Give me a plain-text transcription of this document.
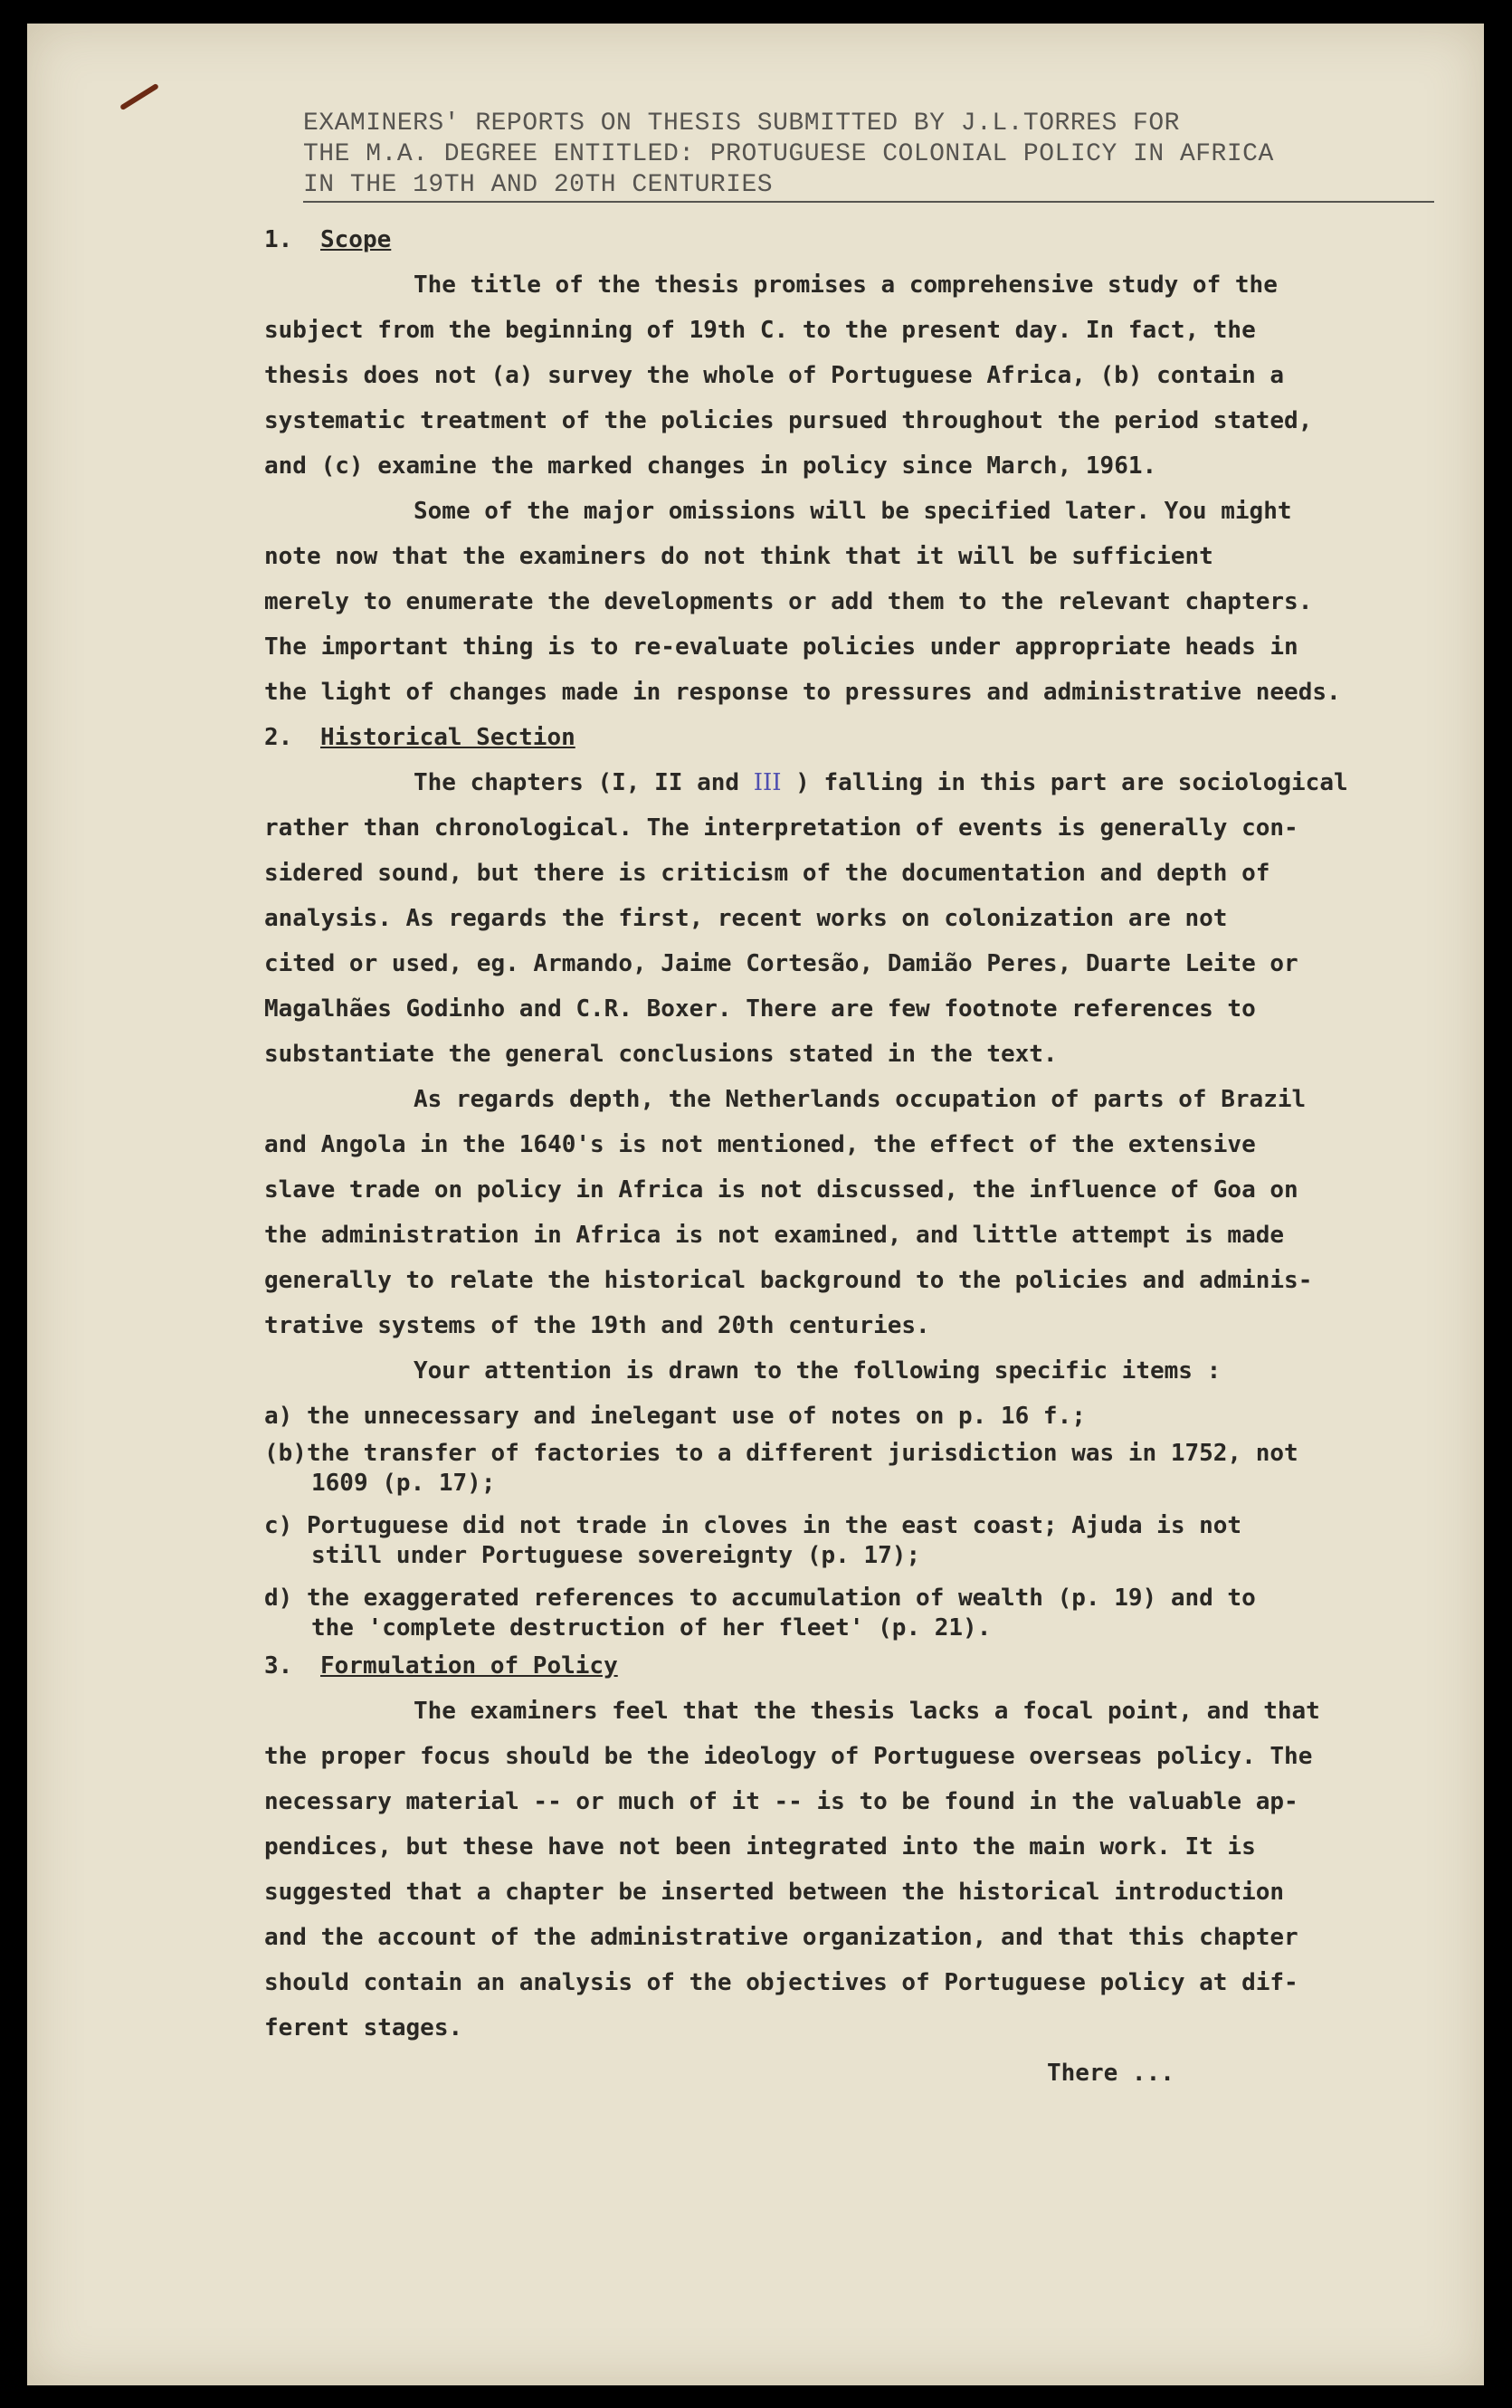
EXAMINERS' REPORTS ON THESIS SUBMITTED BY J.L.TORRES FOR
THE M.A. DEGREE ENTITLED: PROTUGUESE COLONIAL POLICY IN AFRICA
IN THE 19TH AND 20TH CENTURIES
1. Scope
The title of the thesis promises a comprehensive study of the
subject from the beginning of 19th C. to the present day. In fact, the
thesis does not (a) survey the whole of Portuguese Africa, (b) contain a
systematic treatment of the policies pursued throughout the period stated,
and (c) examine the marked changes in policy since March, 1961.
Some of the major omissions will be specified later. You might
note now that the examiners do not think that it will be sufficient
merely to enumerate the developments or add them to the relevant chapters.
The important thing is to re-evaluate policies under appropriate heads in
the light of changes made in response to pressures and administrative needs.
2. Historical Section
The chapters (I, II and III ) falling in this part are sociological
rather than chronological. The interpretation of events is generally con-
sidered sound, but there is criticism of the documentation and depth of
analysis. As regards the first, recent works on colonization are not
cited or used, eg. Armando, Jaime Cortesão, Damião Peres, Duarte Leite or
Magalhães Godinho and C.R. Boxer. There are few footnote references to
substantiate the general conclusions stated in the text.
As regards depth, the Netherlands occupation of parts of Brazil
and Angola in the 1640's is not mentioned, the effect of the extensive
slave trade on policy in Africa is not discussed, the influence of Goa on
the administration in Africa is not examined, and little attempt is made
generally to relate the historical background to the policies and adminis-
trative systems of the 19th and 20th centuries.
Your attention is drawn to the following specific items :
a) the unnecessary and inelegant use of notes on p. 16 f.;
(b)the transfer of factories to a different jurisdiction was in 1752, not
1609 (p. 17);
c) Portuguese did not trade in cloves in the east coast; Ajuda is not
still under Portuguese sovereignty (p. 17);
d) the exaggerated references to accumulation of wealth (p. 19) and to
the 'complete destruction of her fleet' (p. 21).
3. Formulation of Policy
The examiners feel that the thesis lacks a focal point, and that
the proper focus should be the ideology of Portuguese overseas policy. The
necessary material -- or much of it -- is to be found in the valuable ap-
pendices, but these have not been integrated into the main work. It is
suggested that a chapter be inserted between the historical introduction
and the account of the administrative organization, and that this chapter
should contain an analysis of the objectives of Portuguese policy at dif-
ferent stages.
There ...
